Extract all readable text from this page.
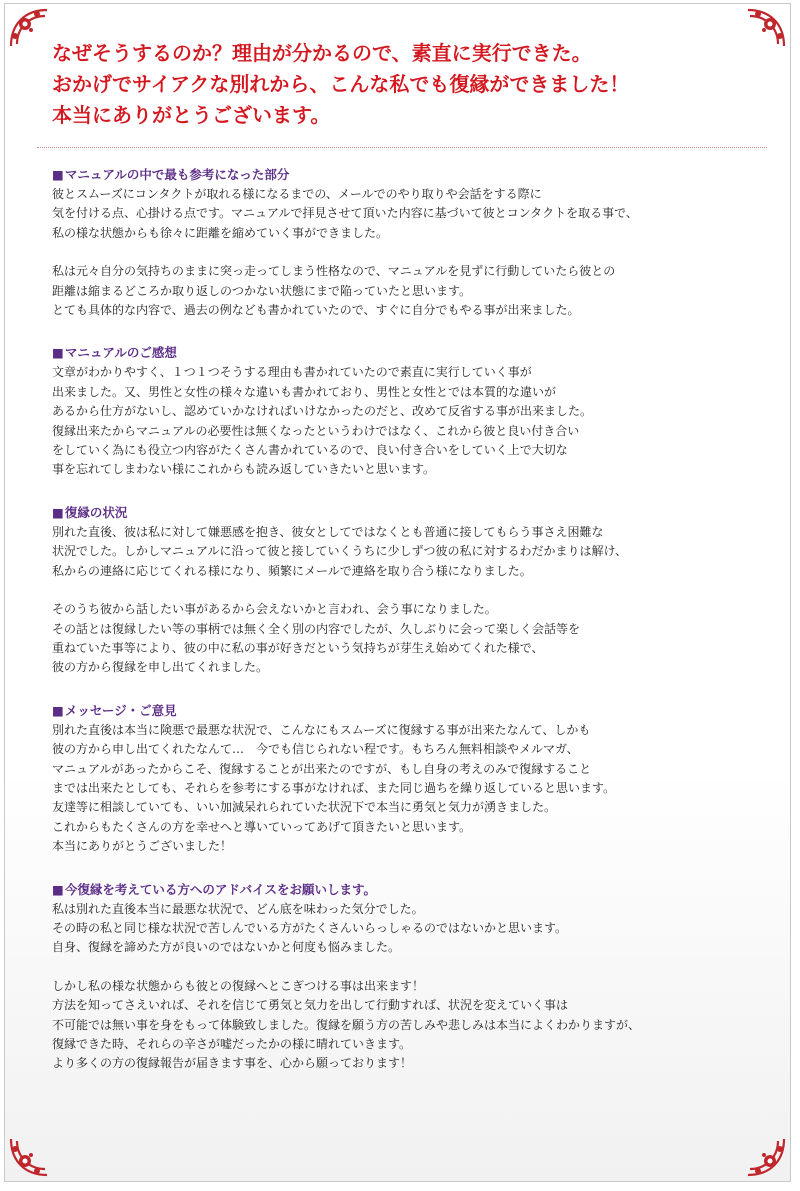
なぜそうするのか？理由が分かるので、素直に実行できた。
おかげでサイアクな別れから、こんな私でも復縁ができました！
本当にありがとうございます。
■マニュアルの中で最も参考になった部分
彼とスムーズにコンタクトが取れる様になるまでの、メールでのやり取りや会話をする際に
気を付ける点、心掛ける点です。マニュアルで拝見させて頂いた内容に基づいて彼とコンタクトを取る事で、
私の様な状態からも徐々に距離を縮めていく事ができました。
私は元々自分の気持ちのままに突っ走ってしまう性格なので、マニュアルを見ずに行動していたら彼との
距離は縮まるどころか取り返しのつかない状態にまで陥っていたと思います。
とても具体的な内容で、過去の例なども書かれていたので、すぐに自分でもやる事が出来ました。
■マニュアルのご感想
文章がわかりやすく、１つ１つそうする理由も書かれていたので素直に実行していく事が
出来ました。又、男性と女性の様々な違いも書かれており、男性と女性とでは本質的な違いが
あるから仕方がないし、認めていかなければいけなかったのだと、改めて反省する事が出来ました。
復縁出来たからマニュアルの必要性は無くなったというわけではなく、これから彼と良い付き合い
をしていく為にも役立つ内容がたくさん書かれているので、良い付き合いをしていく上で大切な
事を忘れてしまわない様にこれからも読み返していきたいと思います。
■復縁の状況
別れた直後、彼は私に対して嫌悪感を抱き、彼女としてではなくとも普通に接してもらう事さえ困難な
状況でした。しかしマニュアルに沿って彼と接していくうちに少しずつ彼の私に対するわだかまりは解け、
私からの連絡に応じてくれる様になり、頻繁にメールで連絡を取り合う様になりました。
そのうち彼から話したい事があるから会えないかと言われ、会う事になりました。
その話とは復縁したい等の事柄では無く全く別の内容でしたが、久しぶりに会って楽しく会話等を
重ねていた事等により、彼の中に私の事が好きだという気持ちが芽生え始めてくれた様で、
彼の方から復縁を申し出てくれました。
■メッセージ・ご意見
別れた直後は本当に険悪で最悪な状況で、こんなにもスムーズに復縁する事が出来たなんて、しかも
彼の方から申し出てくれたなんて…　今でも信じられない程です。もちろん無料相談やメルマガ、
マニュアルがあったからこそ、復縁することが出来たのですが、もし自身の考えのみで復縁すること
までは出来たとしても、それらを参考にする事がなければ、また同じ過ちを繰り返していると思います。
友達等に相談していても、いい加減呆れられていた状況下で本当に勇気と気力が湧きました。
これからもたくさんの方を幸せへと導いていってあげて頂きたいと思います。
本当にありがとうございました！
■今復縁を考えている方へのアドバイスをお願いします。
私は別れた直後本当に最悪な状況で、どん底を味わった気分でした。
その時の私と同じ様な状況で苦しんでいる方がたくさんいらっしゃるのではないかと思います。
自身、復縁を諦めた方が良いのではないかと何度も悩みました。
しかし私の様な状態からも彼との復縁へとこぎつける事は出来ます！
方法を知ってさえいれば、それを信じて勇気と気力を出して行動すれば、状況を変えていく事は
不可能では無い事を身をもって体験致しました。復縁を願う方の苦しみや悲しみは本当によくわかりますが、
復縁できた時、それらの辛さが嘘だったかの様に晴れていきます。
より多くの方の復縁報告が届きます事を、心から願っております！
